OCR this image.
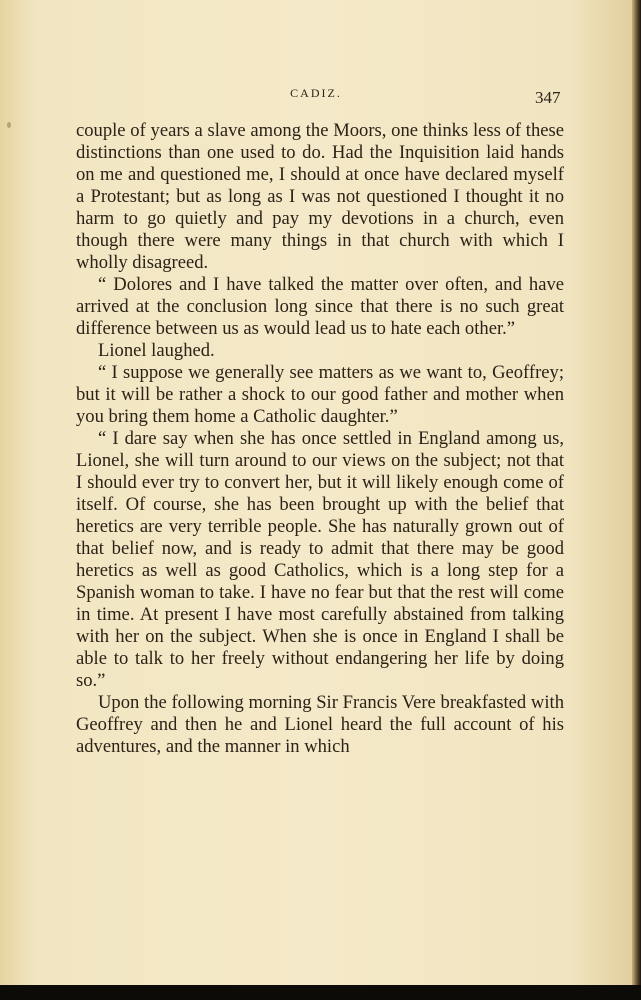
CADIZ.	347

couple of years a slave among the Moors, one thinks less of these distinctions than one used to do. Had the Inquisition laid hands on me and questioned me, I should at once have declared myself a Protestant; but as long as I was not questioned I thought it no harm to go quietly and pay my devotions in a church, even though there were many things in that church with which I wholly disagreed.

“ Dolores and I have talked the matter over often, and have arrived at the conclusion long since that there is no such great difference between us as would lead us to hate each other.”

Lionel laughed.

“ I suppose we generally see matters as we want to, Geoffrey; but it will be rather a shock to our good father and mother when you bring them home a Catholic daughter.”

“ I dare say when she has once settled in England among us, Lionel, she will turn around to our views on the subject; not that I should ever try to convert her, but it will likely enough come of itself. Of course, she has been brought up with the belief that heretics are very terrible people. She has naturally grown out of that belief now, and is ready to admit that there may be good heretics as well as good Catholics, which is a long step for a Spanish woman to take. I have no fear but that the rest will come in time. At present I have most carefully abstained from talking with her on the subject. When she is once in England I shall be able to talk to her freely without endangering her life by doing so.”

Upon the following morning Sir Francis Vere breakfasted with Geoffrey and then he and Lionel heard the full account of his adventures, and the manner in which
